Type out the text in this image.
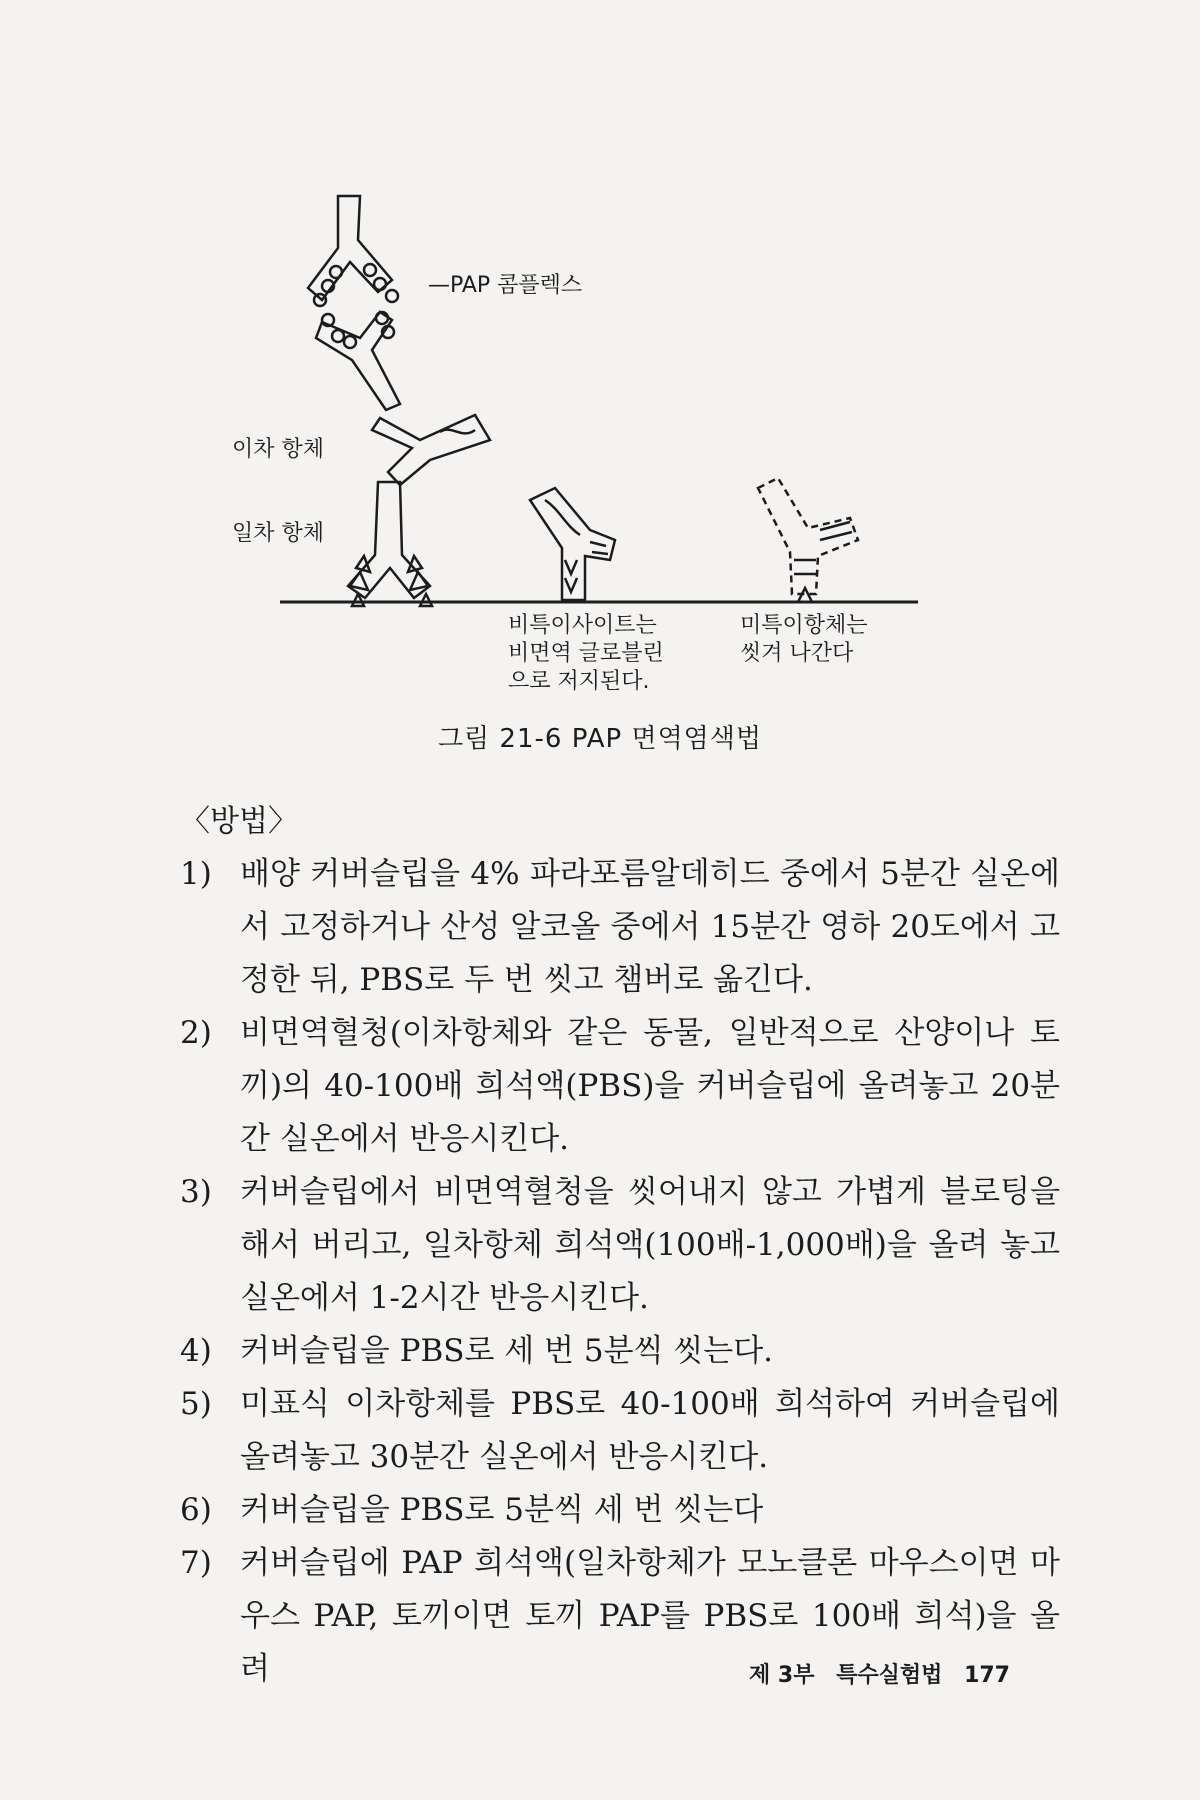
—PAP 콤플렉스
이차 항체
일차 항체
비특이사이트는
비면역 글로블린
으로 저지된다.
미특이항체는
씻겨 나간다
그림 21-6 PAP 면역염색법

〈방법〉

1) 배양 커버슬립을 4% 파라포름알데히드 중에서 5분간 실온에서 고정하거나 산성 알코올 중에서 15분간 영하 20도에서 고정한 뒤, PBS로 두 번 씻고 챔버로 옮긴다.
2) 비면역혈청(이차항체와 같은 동물, 일반적으로 산양이나 토끼)의 40-100배 희석액(PBS)을 커버슬립에 올려놓고 20분간 실온에서 반응시킨다.
3) 커버슬립에서 비면역혈청을 씻어내지 않고 가볍게 블로팅을 해서 버리고, 일차항체 희석액(100배-1,000배)을 올려 놓고 실온에서 1-2시간 반응시킨다.
4) 커버슬립을 PBS로 세 번 5분씩 씻는다.
5) 미표식 이차항체를 PBS로 40-100배 희석하여 커버슬립에 올려놓고 30분간 실온에서 반응시킨다.
6) 커버슬립을 PBS로 5분씩 세 번 씻는다
7) 커버슬립에 PAP 희석액(일차항체가 모노클론 마우스이면 마우스 PAP, 토끼이면 토끼 PAP를 PBS로 100배 희석)을 올려	제 3부 특수실험법 177
